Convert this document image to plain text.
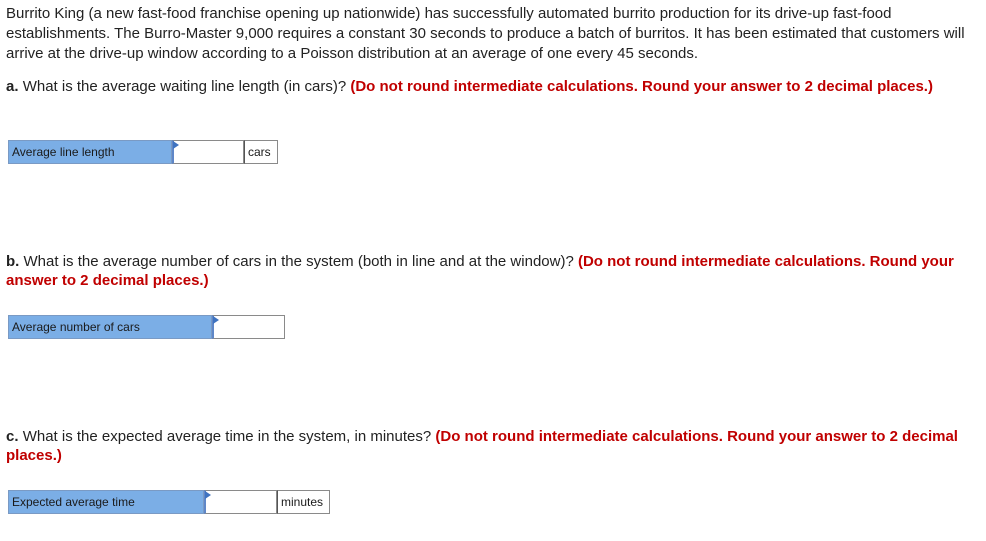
Burrito King (a new fast-food franchise opening up nationwide) has successfully automated burrito production for its drive-up fast-food establishments. The Burro-Master 9,000 requires a constant 30 seconds to produce a batch of burritos. It has been estimated that customers will arrive at the drive-up window according to a Poisson distribution at an average of one every 45 seconds.

a. What is the average waiting line length (in cars)? (Do not round intermediate calculations. Round your answer to 2 decimal places.)

Average line length	cars

b. What is the average number of cars in the system (both in line and at the window)? (Do not round intermediate calculations. Round your answer to 2 decimal places.)

Average number of cars

c. What is the expected average time in the system, in minutes? (Do not round intermediate calculations. Round your answer to 2 decimal places.)

Expected average time	minutes
